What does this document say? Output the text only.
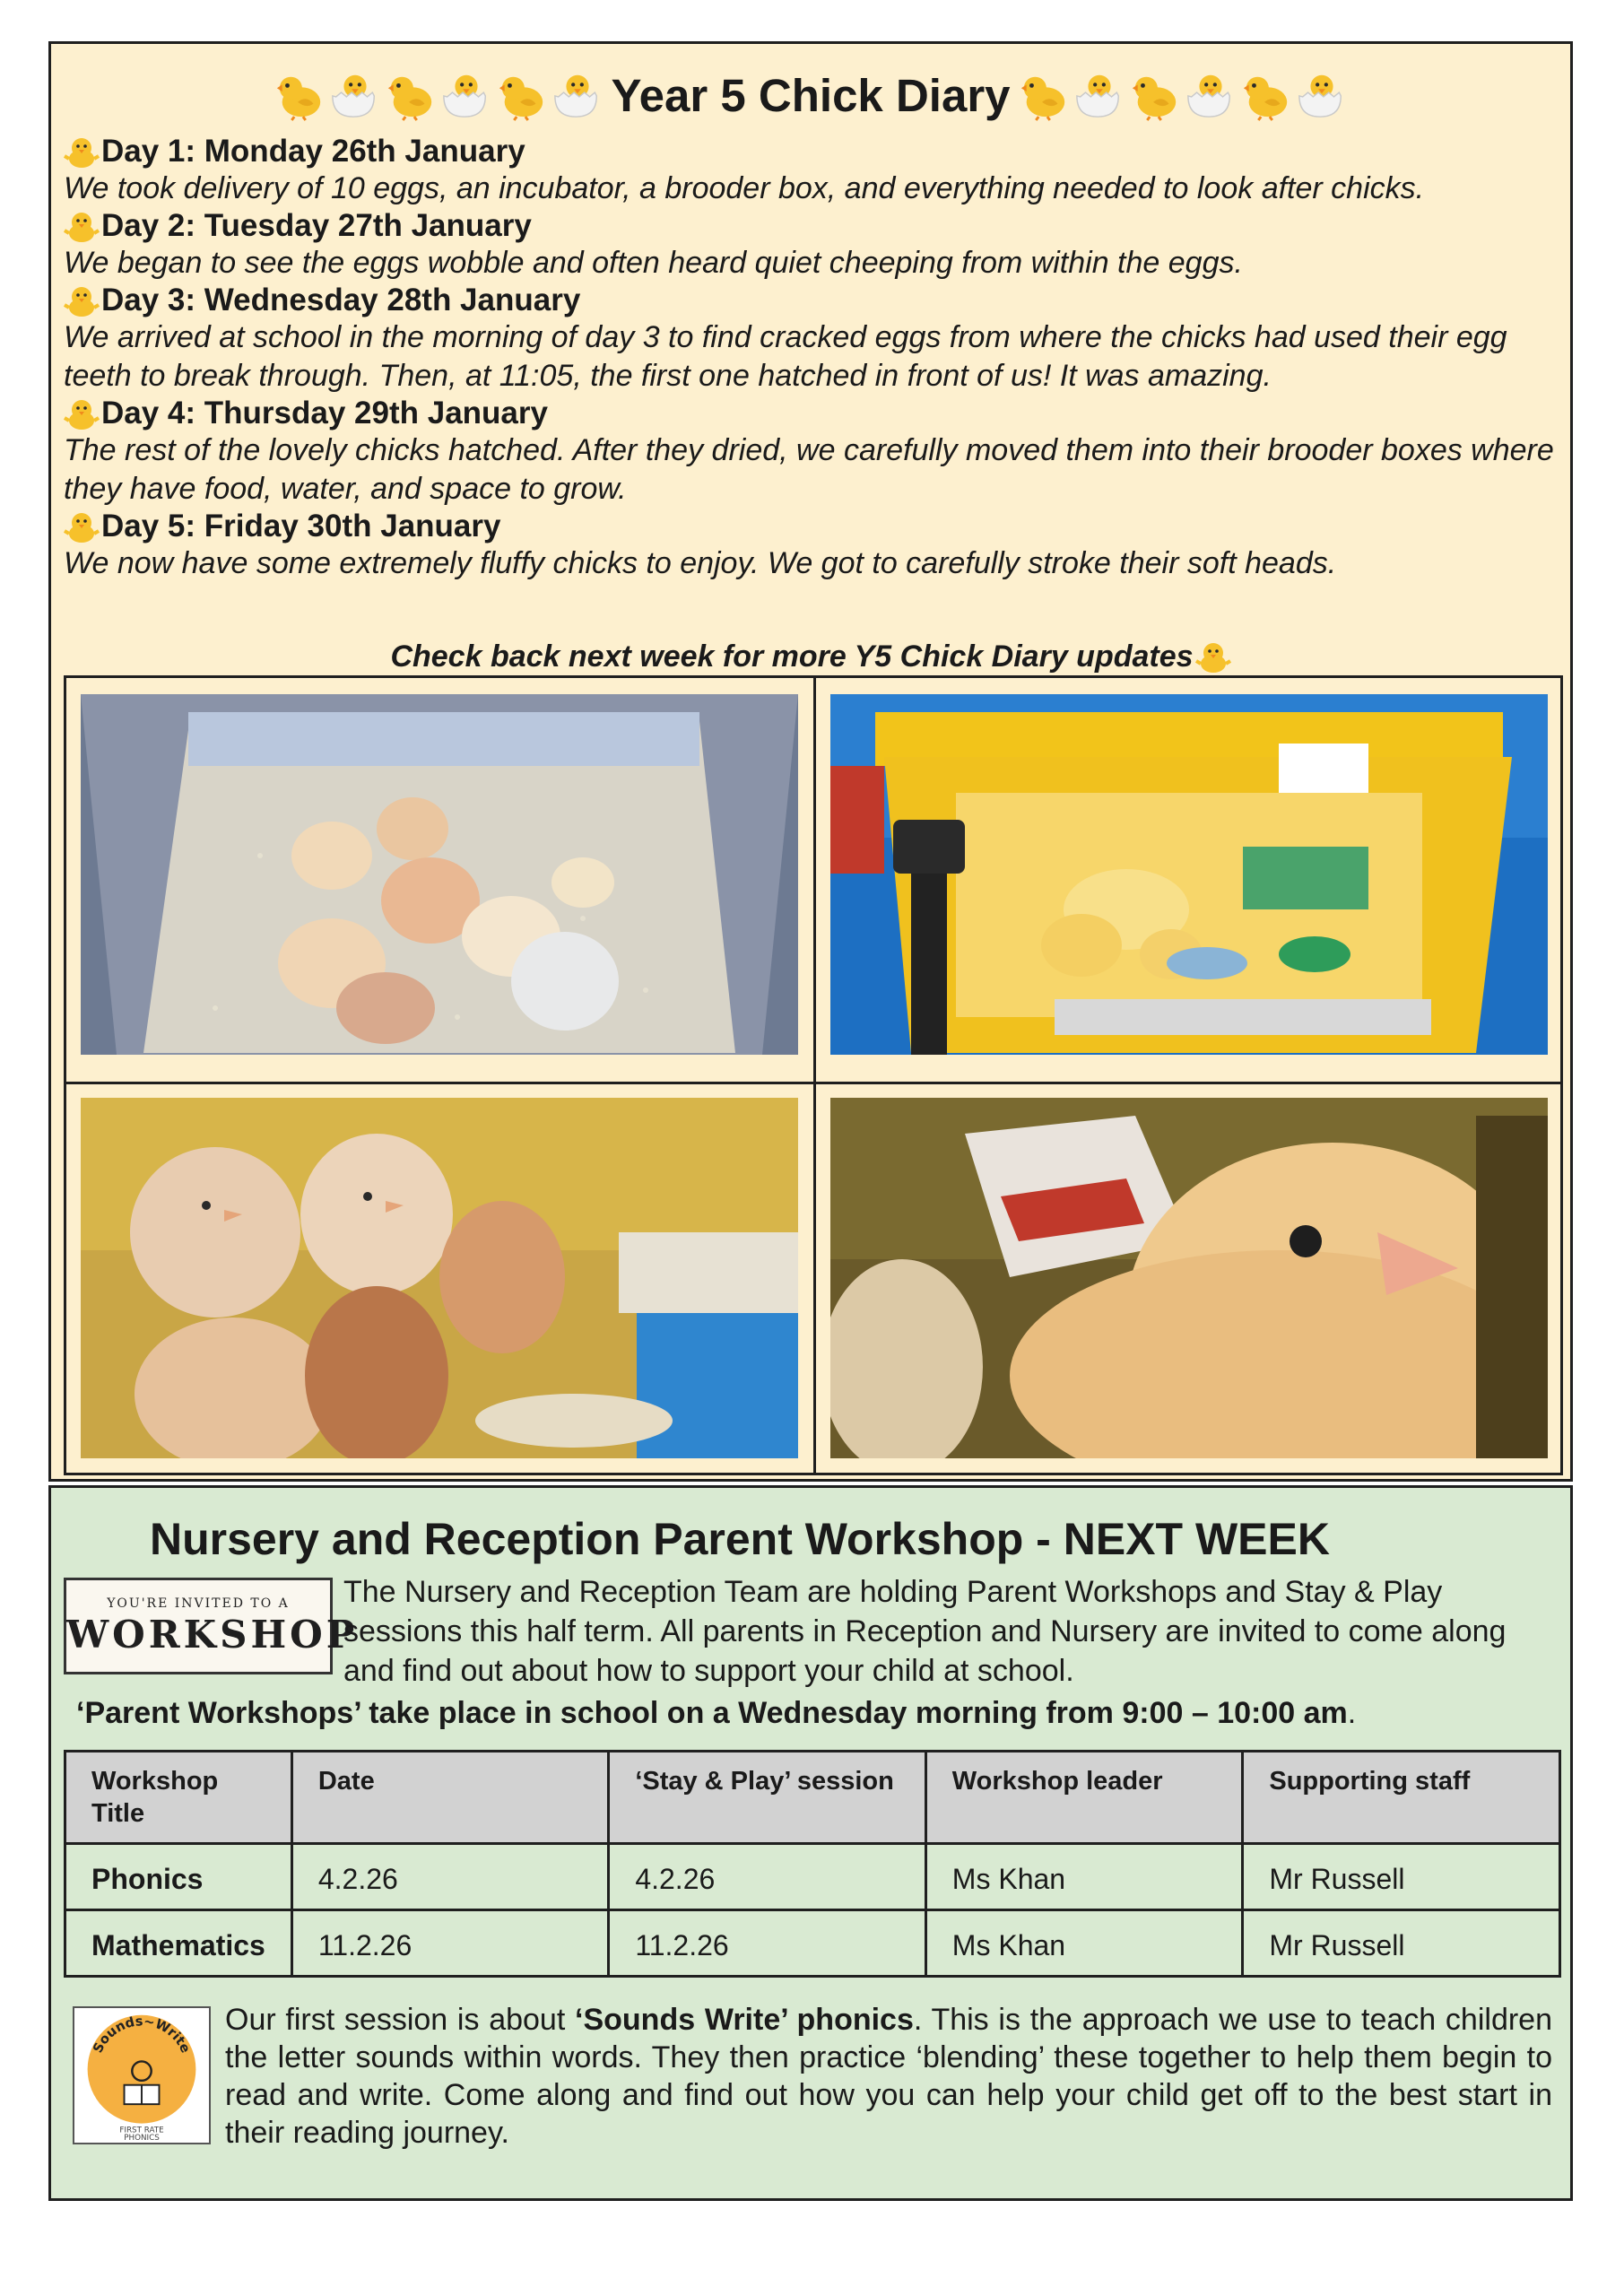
Year 5 Chick Diary
Day 1: Monday 26th January
We took delivery of 10 eggs, an incubator, a brooder box, and everything needed to look after chicks.
Day 2: Tuesday 27th January
We began to see the eggs wobble and often heard quiet cheeping from within the eggs.
Day 3: Wednesday 28th January
We arrived at school in the morning of day 3 to find cracked eggs from where the chicks had used their egg teeth to break through. Then, at 11:05, the first one hatched in front of us! It was amazing.
Day 4: Thursday 29th January
The rest of the lovely chicks hatched. After they dried, we carefully moved them into their brooder boxes where they have food, water, and space to grow.
Day 5: Friday 30th January
We now have some extremely fluffy chicks to enjoy. We got to carefully stroke their soft heads.
Check back next week for more Y5 Chick Diary updates
Nursery and Reception Parent Workshop - NEXT WEEK
YOU'RE INVITED TO A
WORKSHOP
The Nursery and Reception Team are holding Parent Workshops and Stay & Play sessions this half term. All parents in Reception and Nursery are invited to come along and find out about how to support your child at school.
‘Parent Workshops’ take place in school on a Wednesday morning from 9:00 – 10:00 am.
Workshop Title	Date	‘Stay & Play’ session	Workshop leader	Supporting staff
Phonics	4.2.26	4.2.26	Ms Khan	Mr Russell
Mathematics	11.2.26	11.2.26	Ms Khan	Mr Russell
Sounds~Write
FIRST RATE
PHONICS
Our first session is about ‘Sounds Write’ phonics. This is the approach we use to teach children the letter sounds within words. They then practice ‘blending’ these together to help them begin to read and write. Come along and find out how you can help your child get off to the best start in their reading journey.
